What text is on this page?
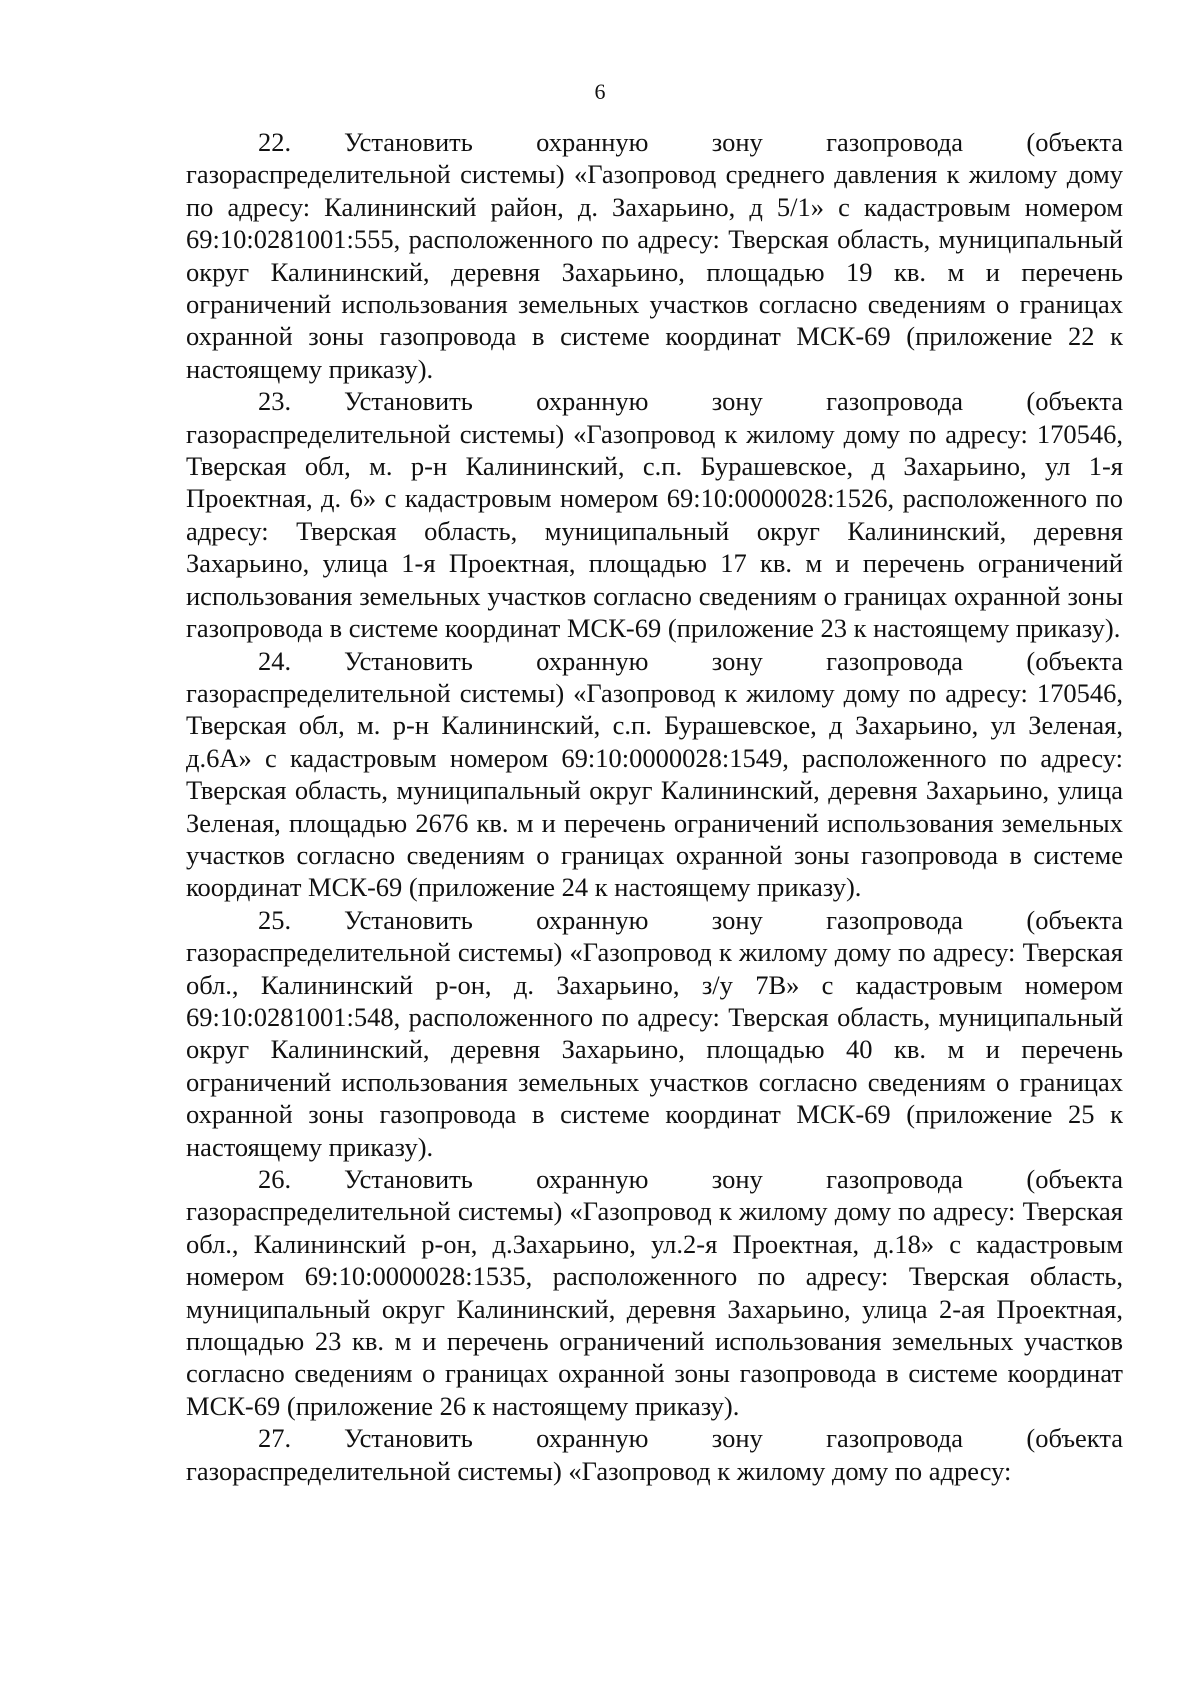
6

22. Установить охранную зону газопровода (объекта газораспределительной системы) «Газопровод среднего давления к жилому дому по адресу: Калининский район, д. Захарьино, д 5/1» с кадастровым номером 69:10:0281001:555, расположенного по адресу: Тверская область, муниципальный округ Калининский, деревня Захарьино, площадью 19 кв. м и перечень ограничений использования земельных участков согласно сведениям о границах охранной зоны газопровода в системе координат МСК-69 (приложение 22 к настоящему приказу).

23. Установить охранную зону газопровода (объекта газораспределительной системы) «Газопровод к жилому дому по адресу: 170546, Тверская обл, м. р-н Калининский, с.п. Бурашевское, д Захарьино, ул 1-я Проектная, д. 6» с кадастровым номером 69:10:0000028:1526, расположенного по адресу: Тверская область, муниципальный округ Калининский, деревня Захарьино, улица 1-я Проектная, площадью 17 кв. м и перечень ограничений использования земельных участков согласно сведениям о границах охранной зоны газопровода в системе координат МСК-69 (приложение 23 к настоящему приказу).

24. Установить охранную зону газопровода (объекта газораспределительной системы) «Газопровод к жилому дому по адресу: 170546, Тверская обл, м. р-н Калининский, с.п. Бурашевское, д Захарьино, ул Зеленая, д.6А» с кадастровым номером 69:10:0000028:1549, расположенного по адресу: Тверская область, муниципальный округ Калининский, деревня Захарьино, улица Зеленая, площадью 2676 кв. м и перечень ограничений использования земельных участков согласно сведениям о границах охранной зоны газопровода в системе координат МСК-69 (приложение 24 к настоящему приказу).

25. Установить охранную зону газопровода (объекта газораспределительной системы) «Газопровод к жилому дому по адресу: Тверская обл., Калининский р-он, д. Захарьино, з/у 7В» с кадастровым номером 69:10:0281001:548, расположенного по адресу: Тверская область, муниципальный округ Калининский, деревня Захарьино, площадью 40 кв. м и перечень ограничений использования земельных участков согласно сведениям о границах охранной зоны газопровода в системе координат МСК-69 (приложение 25 к настоящему приказу).

26. Установить охранную зону газопровода (объекта газораспределительной системы) «Газопровод к жилому дому по адресу: Тверская обл., Калининский р-он, д.Захарьино, ул.2-я Проектная, д.18» с кадастровым номером 69:10:0000028:1535, расположенного по адресу: Тверская область, муниципальный округ Калининский, деревня Захарьино, улица 2-ая Проектная, площадью 23 кв. м и перечень ограничений использования земельных участков согласно сведениям о границах охранной зоны газопровода в системе координат МСК-69 (приложение 26 к настоящему приказу).

27. Установить охранную зону газопровода (объекта газораспределительной системы) «Газопровод к жилому дому по адресу:
